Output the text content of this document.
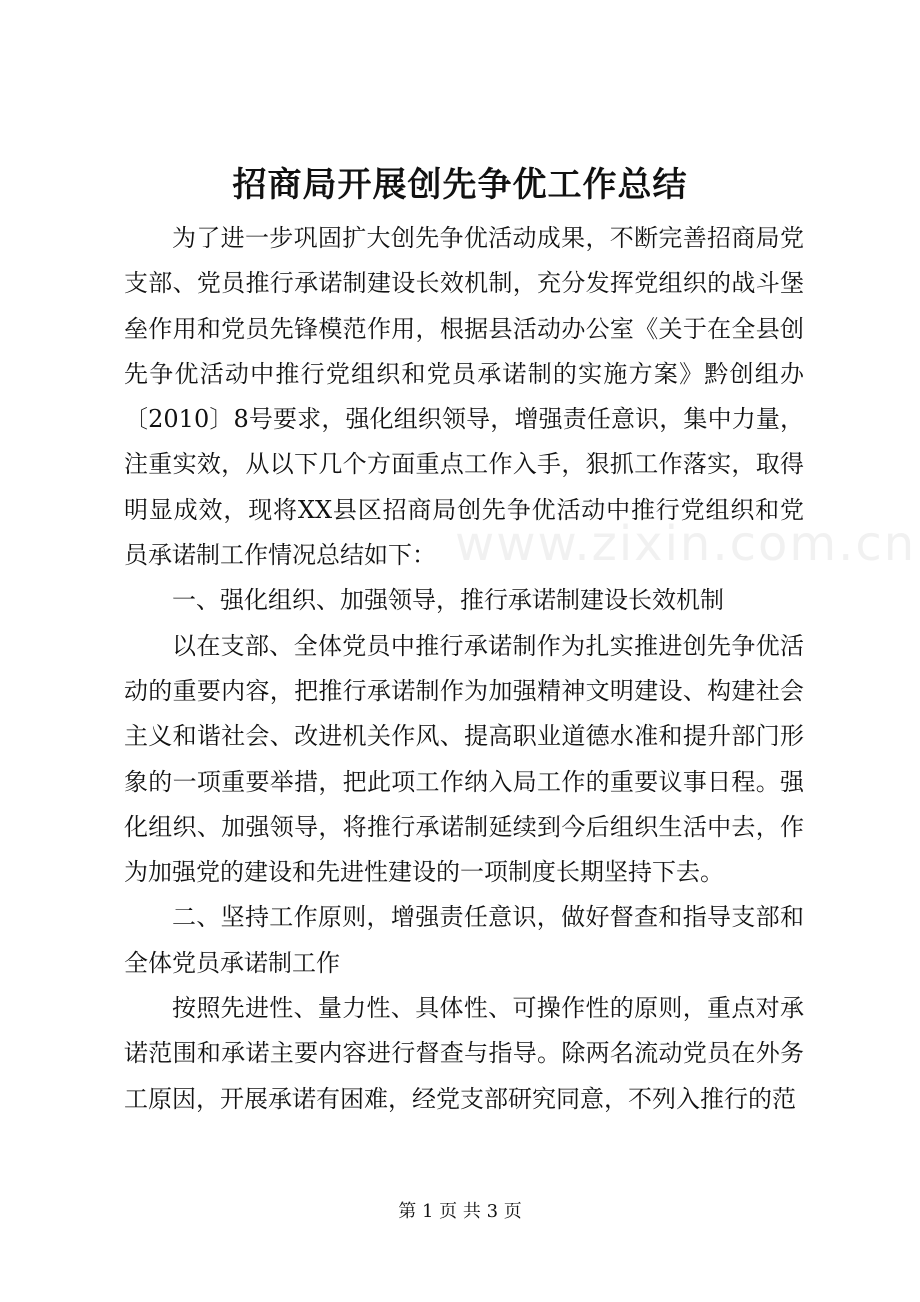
招商局开展创先争优工作总结

为了进一步巩固扩大创先争优活动成果，不断完善招商局党支部、党员推行承诺制建设长效机制，充分发挥党组织的战斗堡垒作用和党员先锋模范作用，根据县活动办公室《关于在全县创先争优活动中推行党组织和党员承诺制的实施方案》黔创组办〔2010〕8号要求，强化组织领导，增强责任意识，集中力量，注重实效，从以下几个方面重点工作入手，狠抓工作落实，取得明显成效，现将XX县区招商局创先争优活动中推行党组织和党员承诺制工作情况总结如下：

一、强化组织、加强领导，推行承诺制建设长效机制

以在支部、全体党员中推行承诺制作为扎实推进创先争优活动的重要内容，把推行承诺制作为加强精神文明建设、构建社会主义和谐社会、改进机关作风、提高职业道德水准和提升部门形象的一项重要举措，把此项工作纳入局工作的重要议事日程。强化组织、加强领导，将推行承诺制延续到今后组织生活中去，作为加强党的建设和先进性建设的一项制度长期坚持下去。

二、坚持工作原则，增强责任意识，做好督查和指导支部和全体党员承诺制工作

按照先进性、量力性、具体性、可操作性的原则，重点对承诺范围和承诺主要内容进行督查与指导。除两名流动党员在外务工原因，开展承诺有困难，经党支部研究同意，不列入推行的范

www.zixin.com.cn
第 1 页 共 3 页
